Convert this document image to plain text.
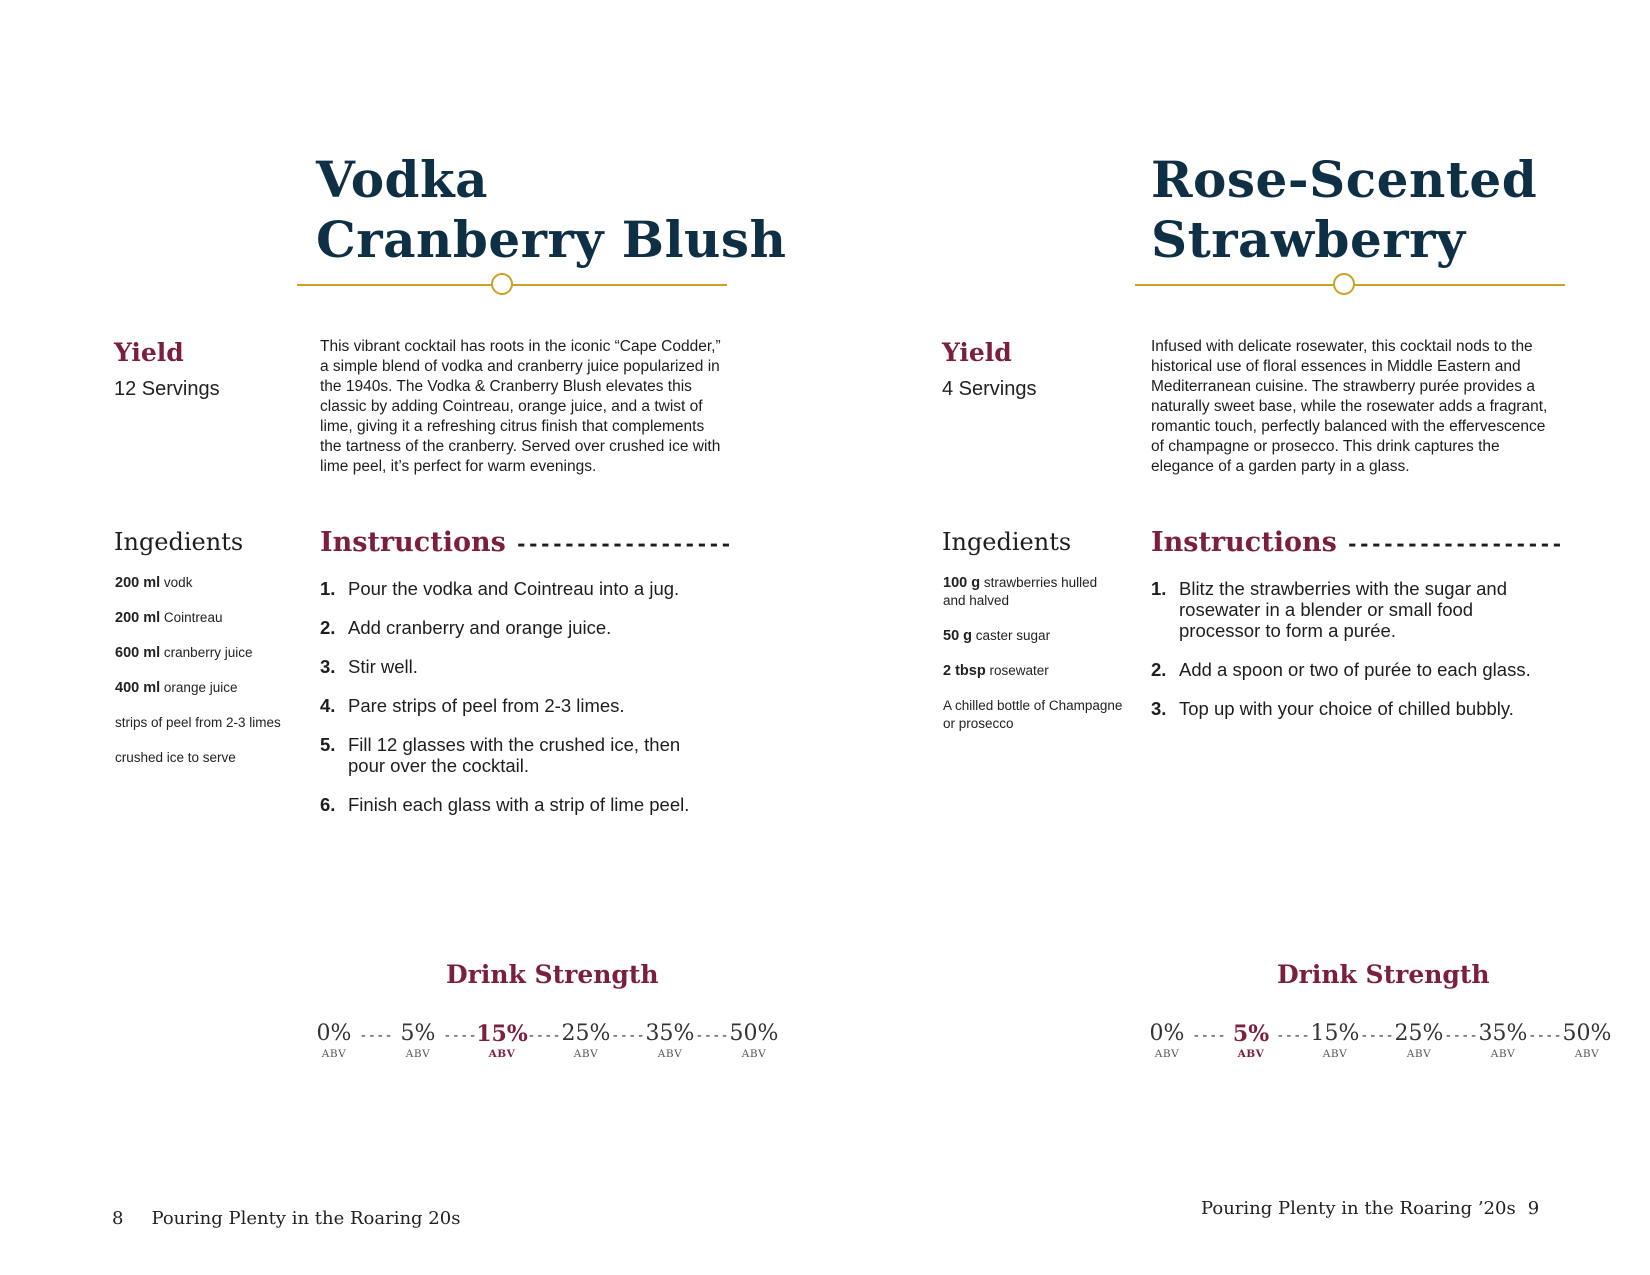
Vodka
Cranberry Blush
Yield
12 Servings

This vibrant cocktail has roots in the iconic “Cape Codder,” a simple blend of vodka and cranberry juice popularized in the 1940s. The Vodka & Cranberry Blush elevates this classic by adding Cointreau, orange juice, and a twist of lime, giving it a refreshing citrus finish that complements the tartness of the cranberry. Served over crushed ice with lime peel, it’s perfect for warm evenings.

Ingedients
200 ml vodk
200 ml Cointreau
600 ml cranberry juice
400 ml orange juice
strips of peel from 2-3 limes
crushed ice to serve
Instructions ------------------
1. Pour the vodka and Cointreau into a jug.
2. Add cranberry and orange juice.
3. Stir well.
4. Pare strips of peel from 2-3 limes.
5. Fill 12 glasses with the crushed ice, then pour over the cocktail.
6. Finish each glass with a strip of lime peel.
Drink Strength
0%
ABV
---- 5%
ABV
---- 15%
ABV
---- 25%
ABV
---- 35%
ABV
---- 50%
ABV
8 Pouring Plenty in the Roaring 20s
Rose-Scented
Strawberry
Yield
4 Servings

Infused with delicate rosewater, this cocktail nods to the historical use of floral essences in Middle Eastern and Mediterranean cuisine. The strawberry purée provides a naturally sweet base, while the rosewater adds a fragrant, romantic touch, perfectly balanced with the effervescence of champagne or prosecco. This drink captures the elegance of a garden party in a glass.

Ingedients
100 g strawberries hulled and halved
50 g caster sugar
2 tbsp rosewater
A chilled bottle of Champagne or prosecco
Instructions ------------------
1. Blitz the strawberries with the sugar and rosewater in a blender or small food processor to form a purée.
2. Add a spoon or two of purée to each glass.
3. Top up with your choice of chilled bubbly.
Drink Strength
0%
ABV
---- 5%
ABV
---- 15%
ABV
---- 25%
ABV
---- 35%
ABV
---- 50%
ABV
Pouring Plenty in the Roaring ’20s 9
